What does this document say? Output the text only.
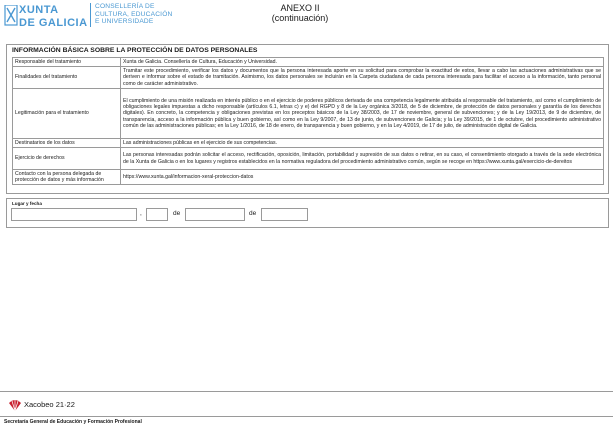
XUNTA
DE GALICIA
CONSELLERÍA DE
CULTURA, EDUCACIÓN
E UNIVERSIDADE
ANEXO II
(continuación)
INFORMACIÓN BÁSICA SOBRE LA PROTECCIÓN DE DATOS PERSONALES
Responsable del tratamiento	Xunta de Galicia. Consellería de Cultura, Educación y Universidad.
Finalidades del tratamiento	Tramitar este procedimiento, verificar los datos y documentos que la persona interesada aporte en su solicitud para comprobar la exactitud de estos, llevar a cabo las actuaciones administrativas que se deriven e informar sobre el estado de tramitación. Asimismo, los datos personales se incluirán en la Carpeta ciudadana de cada persona interesada para facilitar el acceso a la información, tanto personal como de carácter administrativo.
Legitimación para el tratamiento	El cumplimiento de una misión realizada en interés público o en el ejercicio de poderes públicos derivada de una competencia legalmente atribuida al responsable del tratamiento, así como el cumplimiento de obligaciones legales impuestas a dicho responsable (artículos 6.1, letras c) y e) del RGPD y 8 de la Ley orgánica 3/2018, de 5 de diciembre, de protección de datos personales y garantía de los derechos digitales). En concreto, la competencia y obligaciones previstas en los preceptos básicos de la Ley 38/2003, de 17 de noviembre, general de subvenciones; y de la Ley 19/2013, de 9 de diciembre, de transparencia, acceso a la información pública y buen gobierno, así como en la Ley 9/2007, de 13 de junio, de subvenciones de Galicia; y la Ley 39/2015, de 1 de octubre, del procedimiento administrativo común de las administraciones públicas; en la Ley 1/2016, de 18 de enero, de transparencia y buen gobierno, y en la Ley 4/2019, de 17 de julio, de administración digital de Galicia.
Destinatarios de los datos	Las administraciones públicas en el ejercicio de sus competencias.
Ejercicio de derechos	Las personas interesadas podrán solicitar el acceso, rectificación, oposición, limitación, portabilidad y supresión de sus datos o retirar, en su caso, el consentimiento otorgado a través de la sede electrónica de la Xunta de Galicia o en los lugares y registros establecidos en la normativa reguladora del procedimiento administrativo común, según se recoge en https://www.xunta.gal/exercicio-de-dereitos
Contacto con la persona delegada de protección de datos y más información	https://www.xunta.gal/informacion-xeral-proteccion-datos
Lugar y fecha
,	de	de
Xacobeo 21·22
Secretaría General de Educación y Formación Profesional
